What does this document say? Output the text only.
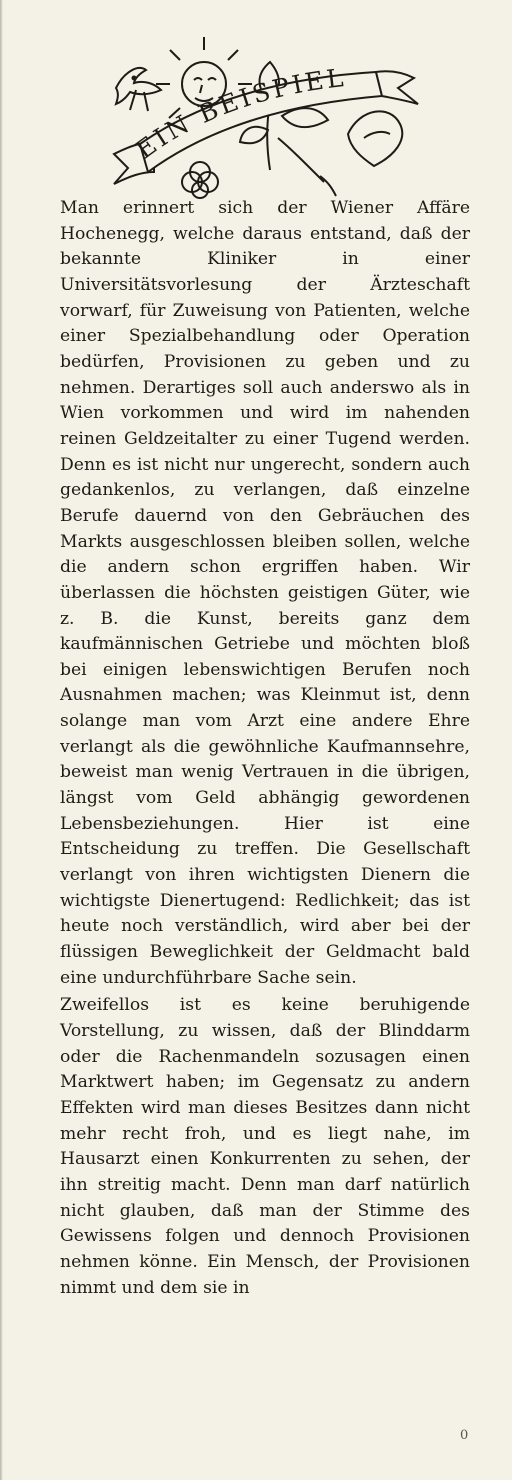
EIN BEISPIEL

Man erinnert sich der Wiener Affäre Hochenegg, welche daraus entstand, daß der bekannte Kliniker in einer Universitätsvorlesung der Ärzteschaft vorwarf, für Zuweisung von Patienten, welche einer Spezialbehandlung oder Operation bedürfen, Provisionen zu geben und zu nehmen. Derartiges soll auch anderswo als in Wien vorkommen und wird im nahenden reinen Geldzeitalter zu einer Tugend werden. Denn es ist nicht nur ungerecht, sondern auch gedankenlos, zu verlangen, daß einzelne Berufe dauernd von den Gebräuchen des Markts ausgeschlossen bleiben sollen, welche die andern schon ergriffen haben. Wir überlassen die höchsten geistigen Güter, wie z. B. die Kunst, bereits ganz dem kaufmännischen Getriebe und möchten bloß bei einigen lebenswichtigen Berufen noch Ausnahmen machen; was Kleinmut ist, denn solange man vom Arzt eine andere Ehre verlangt als die gewöhnliche Kaufmannsehre, beweist man wenig Vertrauen in die übrigen, längst vom Geld abhängig gewordenen Lebensbeziehungen. Hier ist eine Entscheidung zu treffen. Die Gesellschaft verlangt von ihren wichtigsten Dienern die wichtigste Dienertugend: Redlichkeit; das ist heute noch verständlich, wird aber bei der flüssigen Beweglichkeit der Geldmacht bald eine undurchführbare Sache sein.

Zweifellos ist es keine beruhigende Vorstellung, zu wissen, daß der Blinddarm oder die Rachenmandeln sozusagen einen Marktwert haben; im Gegensatz zu andern Effekten wird man dieses Besitzes dann nicht mehr recht froh, und es liegt nahe, im Hausarzt einen Konkurrenten zu sehen, der ihn streitig macht. Denn man darf natürlich nicht glauben, daß man der Stimme des Gewissens folgen und dennoch Provisionen nehmen könne. Ein Mensch, der Provisionen nimmt und dem sie in

0
